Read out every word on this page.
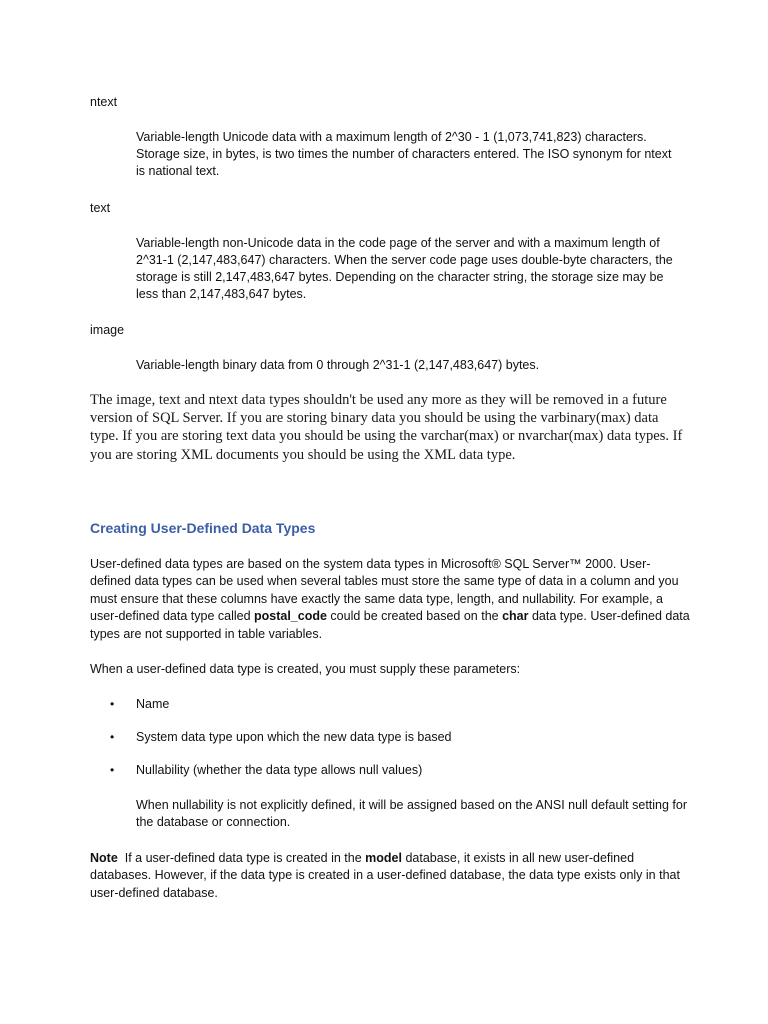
ntext
Variable-length Unicode data with a maximum length of 2^30 - 1 (1,073,741,823) characters. Storage size, in bytes, is two times the number of characters entered. The ISO synonym for ntext is national text.
text
Variable-length non-Unicode data in the code page of the server and with a maximum length of 2^31-1 (2,147,483,647) characters. When the server code page uses double-byte characters, the storage is still 2,147,483,647 bytes. Depending on the character string, the storage size may be less than 2,147,483,647 bytes.
image
Variable-length binary data from 0 through 2^31-1 (2,147,483,647) bytes.
The image, text and ntext data types shouldn't be used any more as they will be removed in a future version of SQL Server. If you are storing binary data you should be using the varbinary(max) data type. If you are storing text data you should be using the varchar(max) or nvarchar(max) data types. If you are storing XML documents you should be using the XML data type.
Creating User-Defined Data Types
User-defined data types are based on the system data types in Microsoft® SQL Server™ 2000. User-defined data types can be used when several tables must store the same type of data in a column and you must ensure that these columns have exactly the same data type, length, and nullability. For example, a user-defined data type called postal_code could be created based on the char data type. User-defined data types are not supported in table variables.
When a user-defined data type is created, you must supply these parameters:
• Name
• System data type upon which the new data type is based
• Nullability (whether the data type allows null values)
When nullability is not explicitly defined, it will be assigned based on the ANSI null default setting for the database or connection.
Note  If a user-defined data type is created in the model database, it exists in all new user-defined databases. However, if the data type is created in a user-defined database, the data type exists only in that user-defined database.
